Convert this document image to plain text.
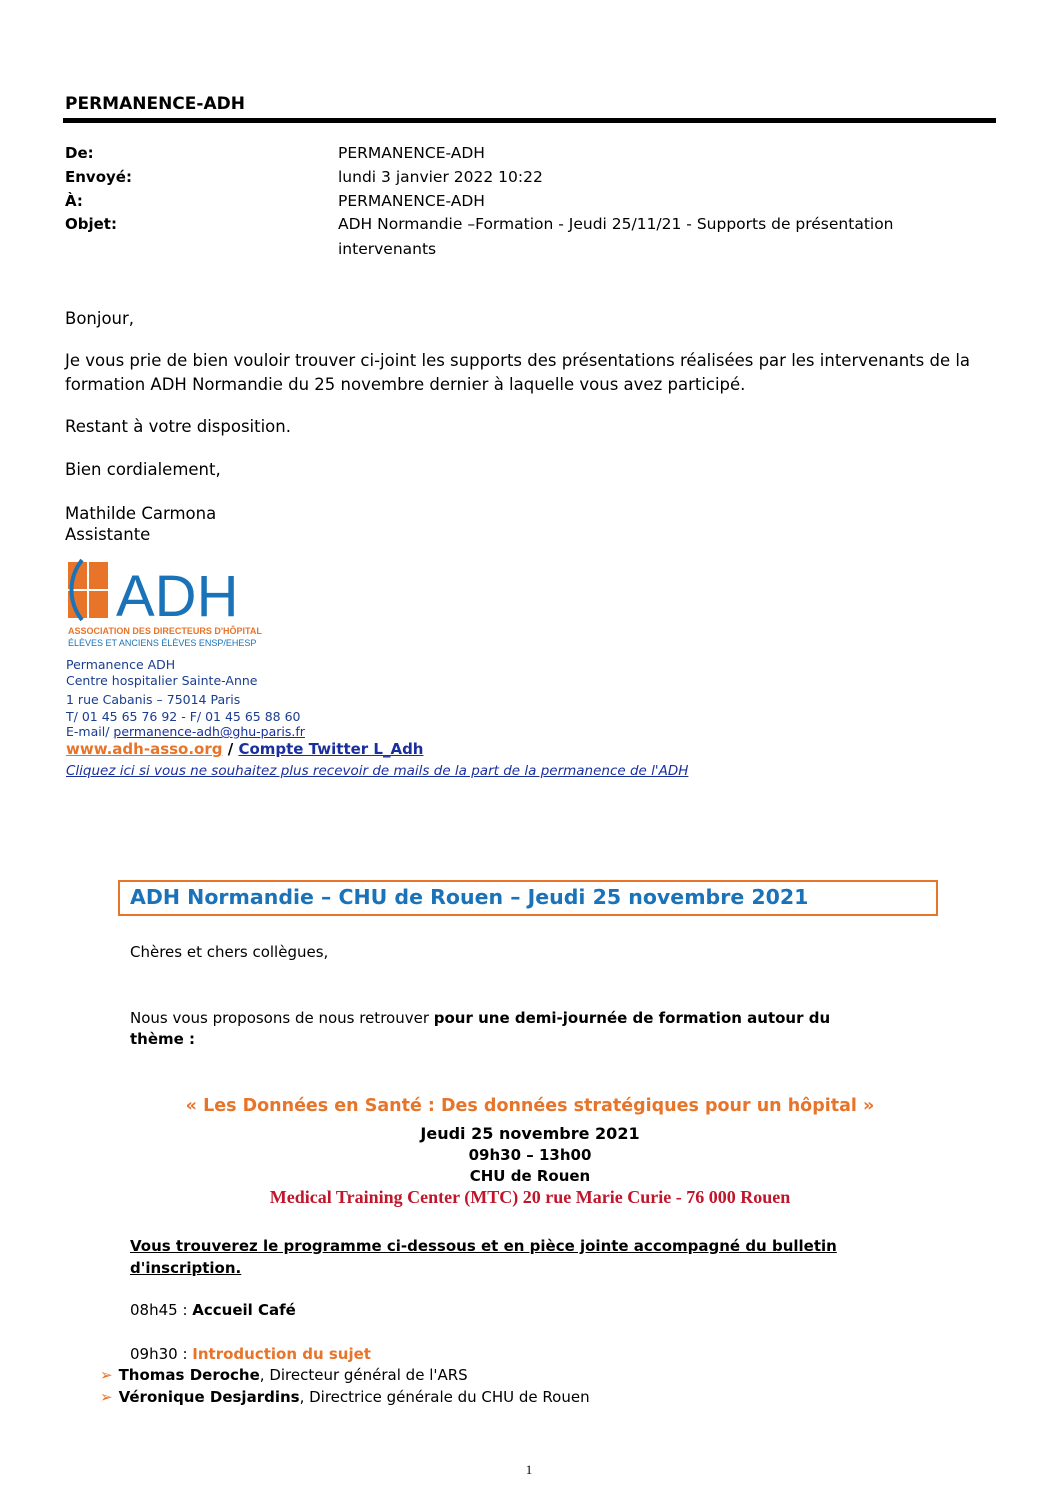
PERMANENCE-ADH
De:	PERMANENCE-ADH
Envoyé:	lundi 3 janvier 2022 10:22
À:	PERMANENCE-ADH
Objet:	ADH Normandie –Formation - Jeudi 25/11/21 - Supports de présentation
intervenants
Bonjour,
Je vous prie de bien vouloir trouver ci-joint les supports des présentations réalisées par les intervenants de la
formation ADH Normandie du 25 novembre dernier à laquelle vous avez participé.
Restant à votre disposition.
Bien cordialement,
Mathilde Carmona
Assistante
ADH
ASSOCIATION DES DIRECTEURS D'HÔPITAL
ÉLÈVES ET ANCIENS ÉLÈVES ENSP/EHESP
Permanence ADH
Centre hospitalier Sainte-Anne
1 rue Cabanis – 75014 Paris
T/ 01 45 65 76 92 - F/ 01 45 65 88 60
E-mail/ permanence-adh@ghu-paris.fr
www.adh-asso.org / Compte Twitter L_Adh
Cliquez ici si vous ne souhaitez plus recevoir de mails de la part de la permanence de l'ADH
ADH Normandie – CHU de Rouen – Jeudi 25 novembre 2021
Chères et chers collègues,
Nous vous proposons de nous retrouver pour une demi-journée de formation autour du
thème :
« Les Données en Santé : Des données stratégiques pour un hôpital »
Jeudi 25 novembre 2021
09h30 – 13h00
CHU de Rouen
Medical Training Center (MTC) 20 rue Marie Curie - 76 000 Rouen
Vous trouverez le programme ci-dessous et en pièce jointe accompagné du bulletin
d'inscription.
08h45 : Accueil Café
09h30 : Introduction du sujet
➢ Thomas Deroche, Directeur général de l'ARS
➢ Véronique Desjardins, Directrice générale du CHU de Rouen
1
